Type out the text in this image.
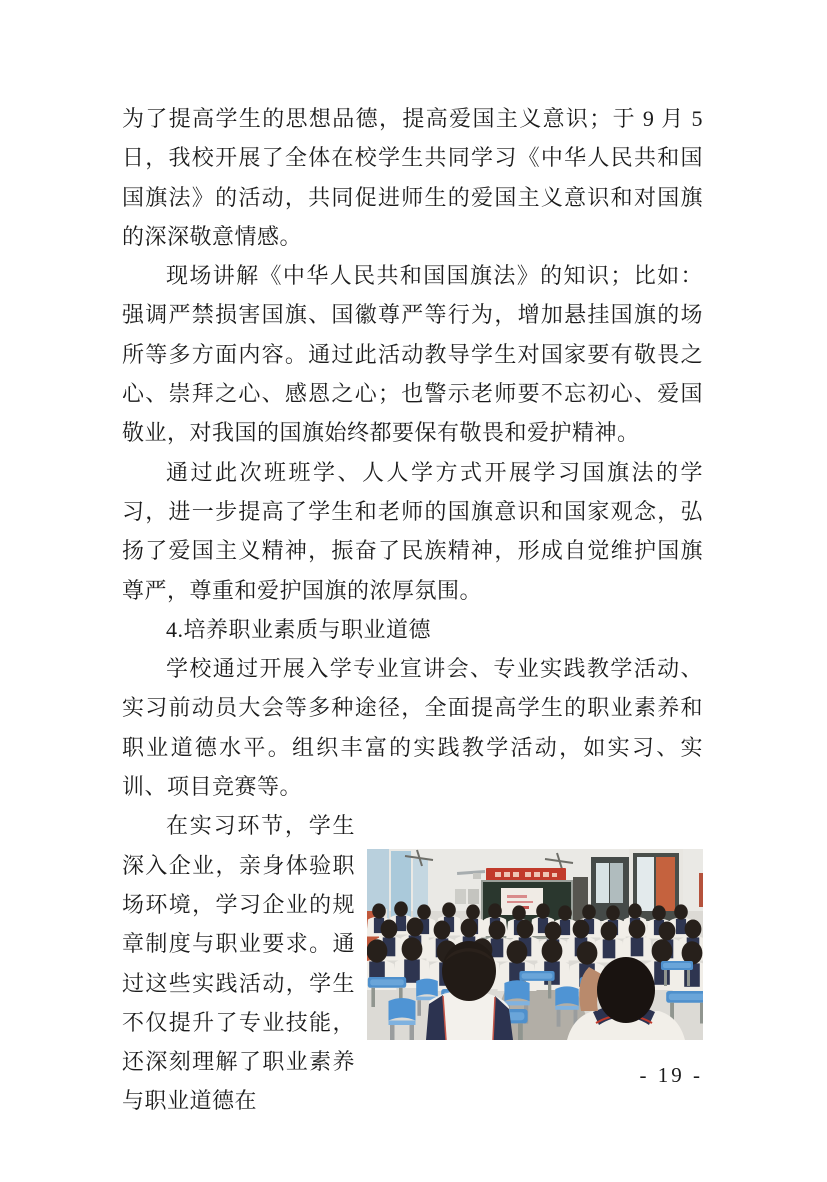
为了提高学生的思想品德，提高爱国主义意识；于 9 月 5 日，我校开展了全体在校学生共同学习《中华人民共和国国旗法》的活动，共同促进师生的爱国主义意识和对国旗的深深敬意情感。

现场讲解《中华人民共和国国旗法》的知识；比如：强调严禁损害国旗、国徽尊严等行为，增加悬挂国旗的场所等多方面内容。通过此活动教导学生对国家要有敬畏之心、崇拜之心、感恩之心；也警示老师要不忘初心、爱国敬业，对我国的国旗始终都要保有敬畏和爱护精神。

通过此次班班学、人人学方式开展学习国旗法的学习，进一步提高了学生和老师的国旗意识和国家观念，弘扬了爱国主义精神，振奋了民族精神，形成自觉维护国旗尊严，尊重和爱护国旗的浓厚氛围。

4.培养职业素质与职业道德

学校通过开展入学专业宣讲会、专业实践教学活动、实习前动员大会等多种途径，全面提高学生的职业素养和职业道德水平。组织丰富的实践教学活动，如实习、实训、项目竞赛等。

在实习环节，学生深入企业，亲身体验职场环境，学习企业的规章制度与职业要求。通过这些实践活动，学生不仅提升了专业技能，还深刻理解了职业素养与职业道德在

- 19 -
